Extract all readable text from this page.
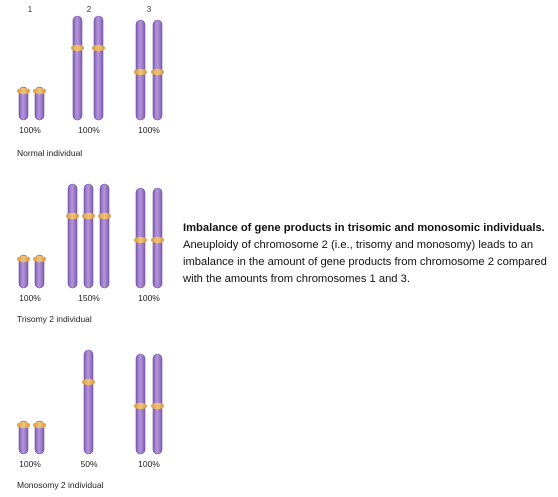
1	2	3
100%	100%	100%
Normal individual
100%	150%	100%
Trisomy 2 individual
100%	50%	100%
Monosomy 2 individual
Imbalance of gene products in trisomic and monosomic individuals.
Aneuploidy of chromosome 2 (i.e., trisomy and monosomy) leads to an imbalance in the amount of gene products from chromosome 2 compared with the amounts from chromosomes 1 and 3.
